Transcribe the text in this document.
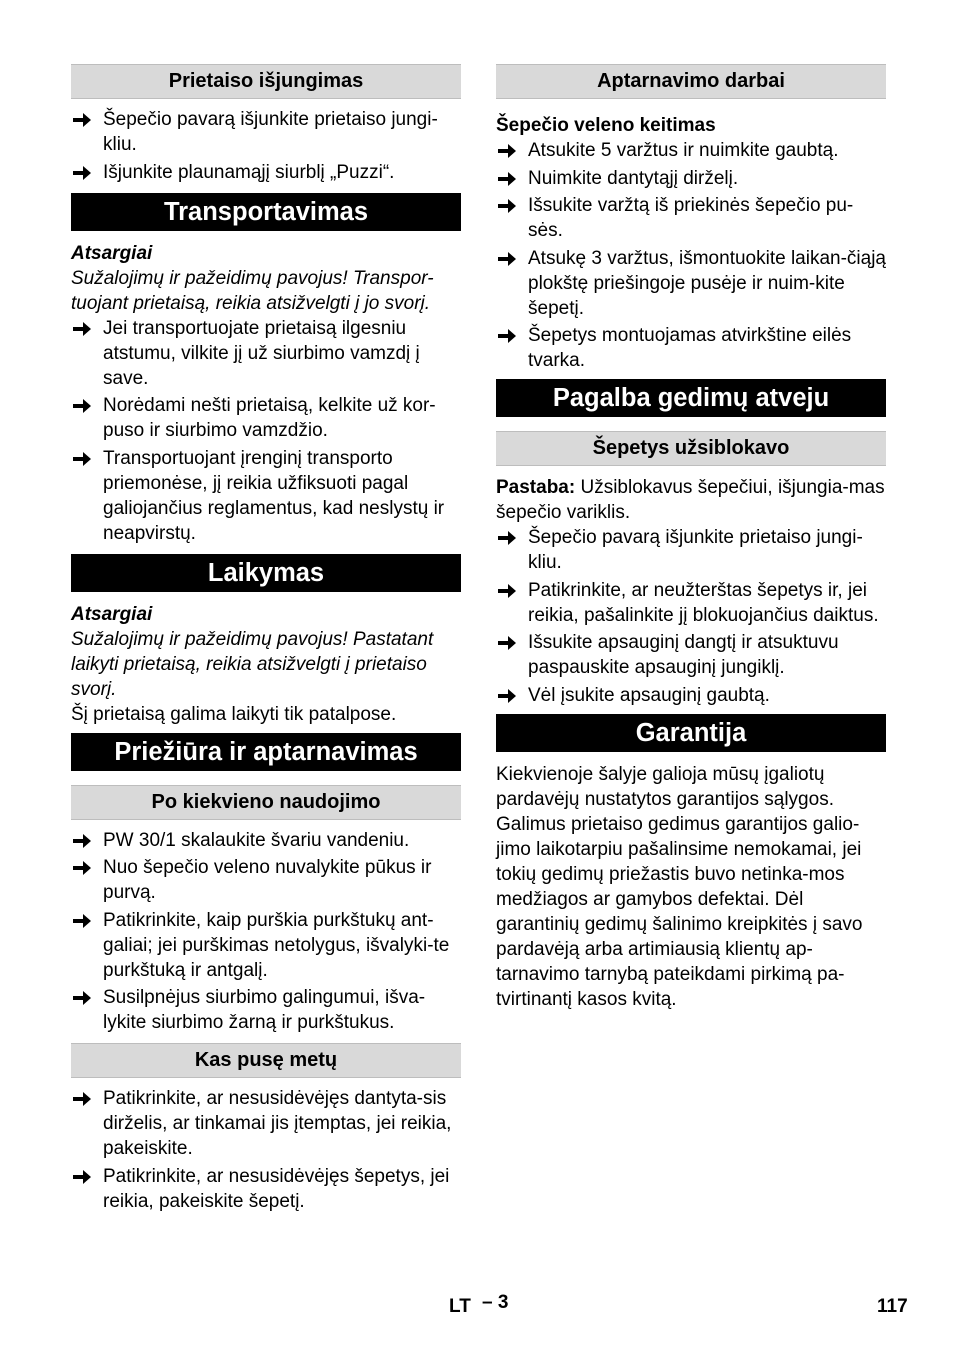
Prietaiso išjungimas
Šepečio pavarą išjunkite prietaiso jungi-kliu.
Išjunkite plaunamąjį siurblį „Puzzi“.
Transportavimas

Atsargiai

Sužalojimų ir pažeidimų pavojus! Transpor-tuojant prietaisą, reikia atsižvelgti į jo svorį.

Jei transportuojate prietaisą ilgesniu atstumu, vilkite jį už siurbimo vamzdį į save.
Norėdami nešti prietaisą, kelkite už kor-puso ir siurbimo vamzdžio.
Transportuojant įrenginį transporto priemonėse, jį reikia užfiksuoti pagal galiojančius reglamentus, kad neslystų ir neapvirstų.
Laikymas

Atsargiai

Sužalojimų ir pažeidimų pavojus! Pastatant laikyti prietaisą, reikia atsižvelgti į prietaiso svorį.

Šį prietaisą galima laikyti tik patalpose.

Priežiūra ir aptarnavimas
Po kiekvieno naudojimo
PW 30/1 skalaukite švariu vandeniu.
Nuo šepečio veleno nuvalykite pūkus ir purvą.
Patikrinkite, kaip purškia purkštukų ant-galiai; jei purškimas netolygus, išvalyki-te purkštuką ir antgalį.
Susilpnėjus siurbimo galingumui, išva-lykite siurbimo žarną ir purkštukus.
Kas pusę metų
Patikrinkite, ar nesusidėvėjęs dantyta-sis dirželis, ar tinkamai jis įtemptas, jei reikia, pakeiskite.
Patikrinkite, ar nesusidėvėjęs šepetys, jei reikia, pakeiskite šepetį.
Aptarnavimo darbai

Šepečio veleno keitimas

Atsukite 5 varžtus ir nuimkite gaubtą.
Nuimkite dantytąjį dirželį.
Išsukite varžtą iš priekinės šepečio pu-sės.
Atsukę 3 varžtus, išmontuokite laikan-čiąją plokštę priešingoje pusėje ir nuim-kite šepetį.
Šepetys montuojamas atvirkštine eilės tvarka.
Pagalba gedimų atveju
Šepetys užsiblokavo

Pastaba: Užsiblokavus šepečiui, išjungia-mas šepečio variklis.

Šepečio pavarą išjunkite prietaiso jungi-kliu.
Patikrinkite, ar neužterštas šepetys ir, jei reikia, pašalinkite jį blokuojančius daiktus.
Išsukite apsauginį dangtį ir atsuktuvu paspauskite apsauginį jungiklį.
Vėl įsukite apsauginį gaubtą.
Garantija

Kiekvienoje šalyje galioja mūsų įgaliotų pardavėjų nustatytos garantijos sąlygos. Galimus prietaiso gedimus garantijos galio-jimo laikotarpiu pašalinsime nemokamai, jei tokių gedimų priežastis buvo netinka-mos medžiagos ar gamybos defektai. Dėl garantinių gedimų šalinimo kreipkitės į savo pardavėją arba artimiausią klientų ap-tarnavimo tarnybą pateikdami pirkimą pa-tvirtinantį kasos kvitą.

LT – 3	117
